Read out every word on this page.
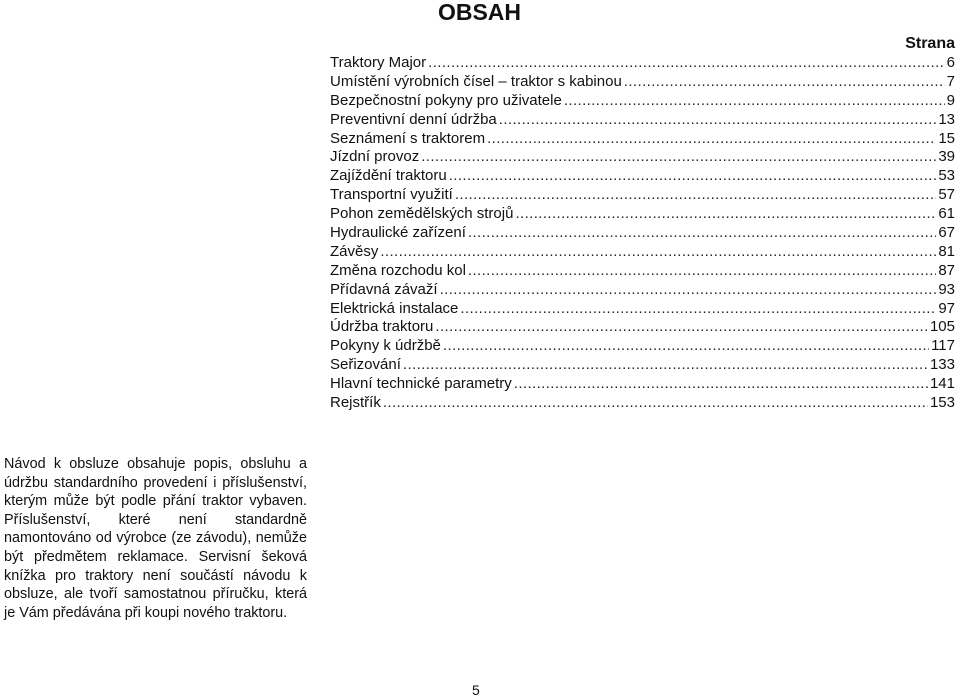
OBSAH
Strana
Traktory Major .....	6
Umístění výrobních čísel – traktor s kabinou .....	7
Bezpečnostní pokyny pro uživatele .....	9
Preventivní denní údržba .....	13
Seznámení s traktorem .....	15
Jízdní provoz .....	39
Zajíždění traktoru .....	53
Transportní využití .....	57
Pohon zemědělských strojů .....	61
Hydraulické zařízení .....	67
Závěsy .....	81
Změna rozchodu kol .....	87
Přídavná závaží .....	93
Elektrická instalace .....	97
Údržba traktoru .....	105
Pokyny k údržbě .....	117
Seřizování .....	133
Hlavní technické parametry .....	141
Rejstřík .....	153

Návod k obsluze obsahuje popis, obsluhu a údržbu standardního provedení i příslušenství, kterým může být podle přání traktor vybaven. Příslušenství, které není standardně namontováno od výrobce (ze závodu), nemůže být předmětem reklamace. Servisní šeková knížka pro traktory není součástí návodu k obsluze, ale tvoří samostatnou příručku, která je Vám předávána při koupi nového traktoru.

5
